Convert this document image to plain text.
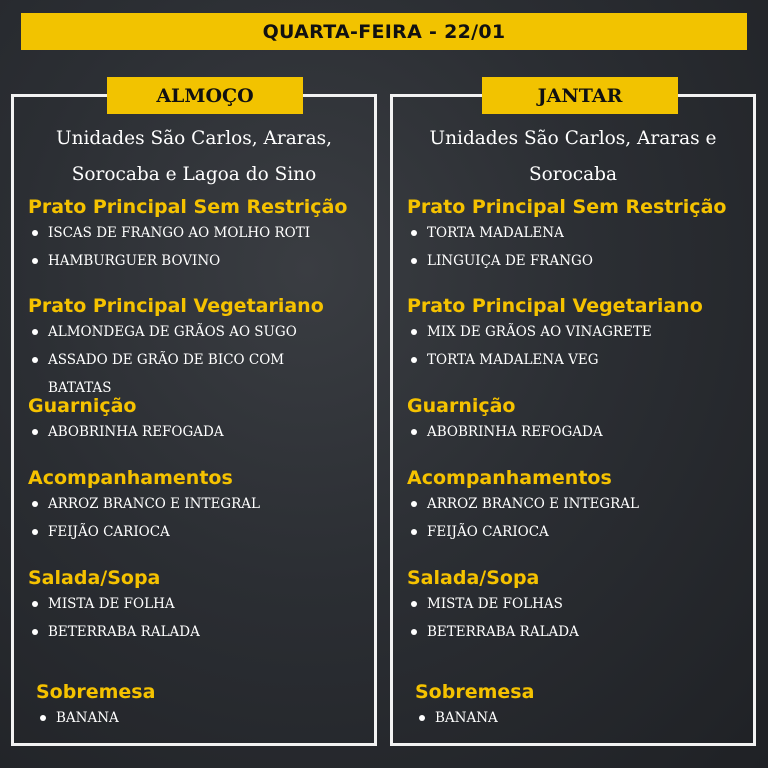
QUARTA-FEIRA - 22/01
ALMOÇO
Unidades São Carlos, Araras,
Sorocaba e Lagoa do Sino
Prato Principal Sem Restrição
ISCAS DE FRANGO AO MOLHO ROTI
HAMBURGUER BOVINO
Prato Principal Vegetariano
ALMONDEGA DE GRÃOS AO SUGO
ASSADO DE GRÃO DE BICO COM BATATAS
Guarnição
ABOBRINHA REFOGADA
Acompanhamentos
ARROZ BRANCO E INTEGRAL
FEIJÃO CARIOCA
Salada/Sopa
MISTA DE FOLHA
BETERRABA RALADA
Sobremesa
BANANA
JANTAR
Unidades São Carlos, Araras e
Sorocaba
Prato Principal Sem Restrição
TORTA MADALENA
LINGUIÇA DE FRANGO
Prato Principal Vegetariano
MIX DE GRÃOS AO VINAGRETE
TORTA MADALENA VEG
Guarnição
ABOBRINHA REFOGADA
Acompanhamentos
ARROZ BRANCO E INTEGRAL
FEIJÃO CARIOCA
Salada/Sopa
MISTA DE FOLHAS
BETERRABA RALADA
Sobremesa
BANANA
